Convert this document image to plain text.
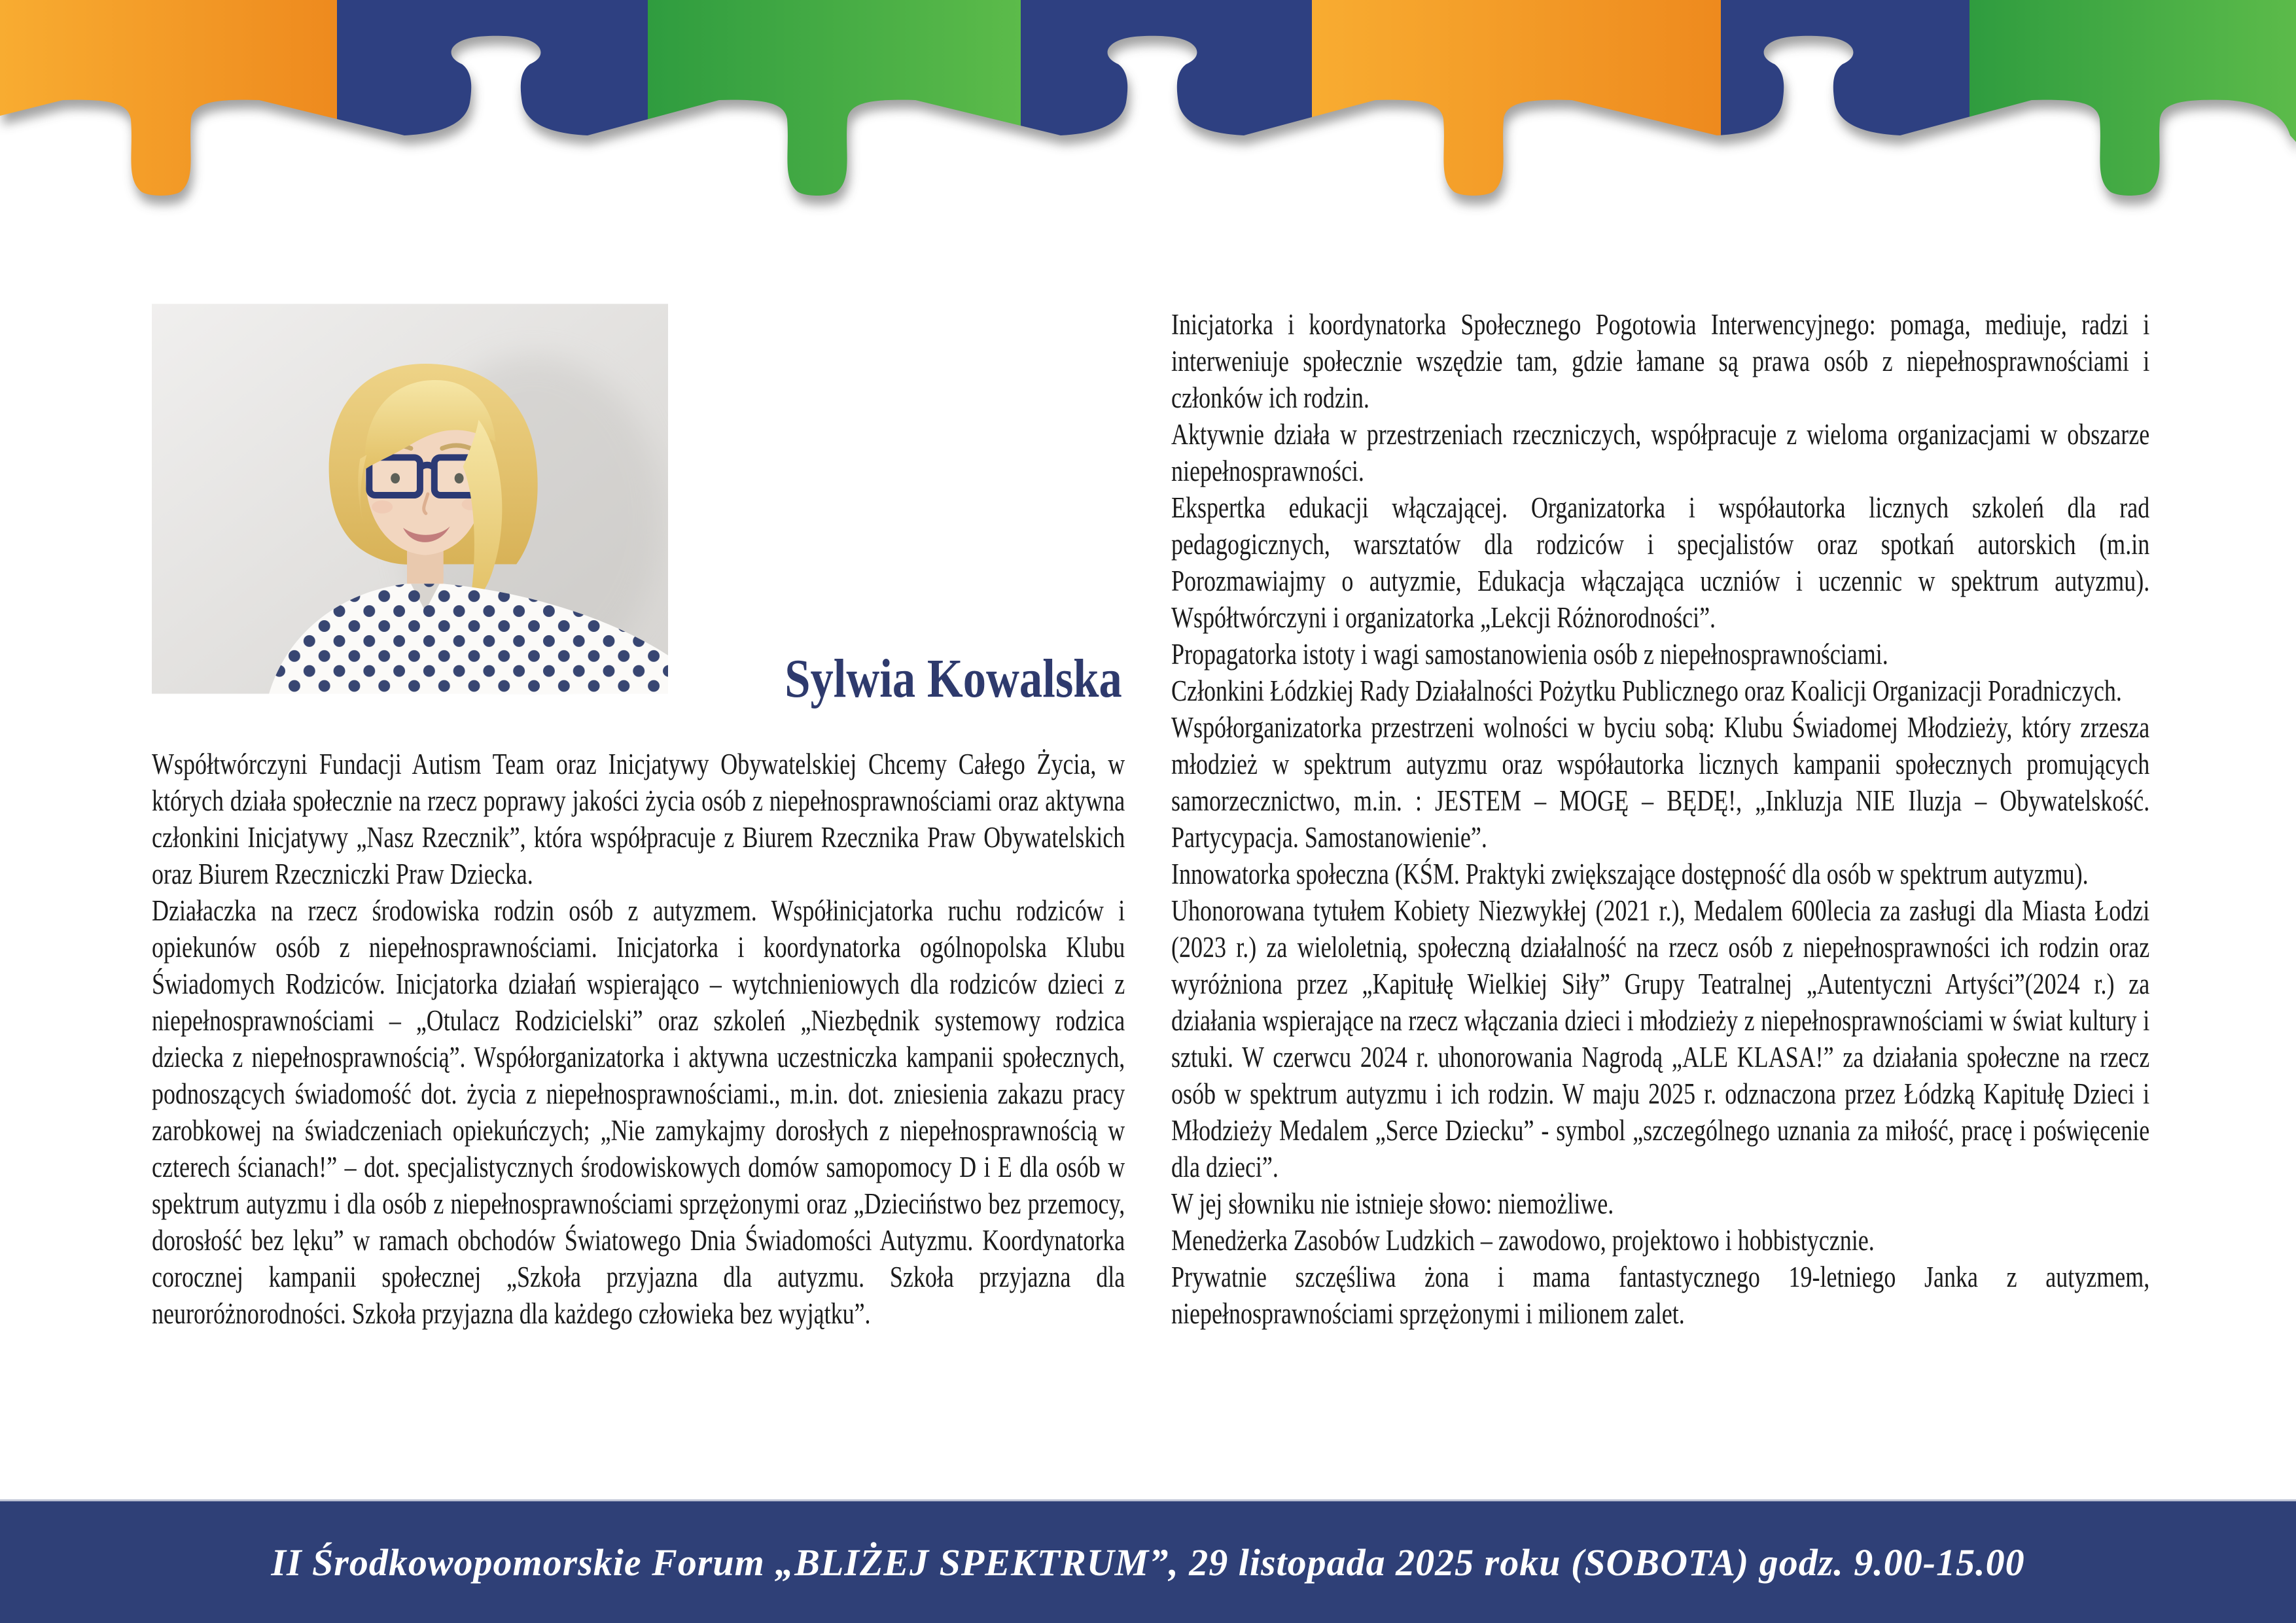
Sylwia Kowalska

Współtwórczyni Fundacji Autism Team oraz Inicjatywy Obywatelskiej Chcemy Całego Życia, w których działa społecznie na rzecz poprawy jakości życia osób z niepełnosprawnościami oraz aktywna członkini Inicjatywy „Nasz Rzecznik”, która współpracuje z Biurem Rzecznika Praw Obywatelskich oraz Biurem Rzeczniczki Praw Dziecka.

Działaczka na rzecz środowiska rodzin osób z autyzmem. Współinicjatorka ruchu rodziców i opiekunów osób z niepełnosprawnościami. Inicjatorka i koordynatorka ogólnopolska Klubu Świadomych Rodziców. Inicjatorka działań wspierająco – wytchnieniowych dla rodziców dzieci z niepełnosprawnościami – „Otulacz Rodzicielski” oraz szkoleń „Niezbędnik systemowy rodzica dziecka z niepełnosprawnością”. Współorganizatorka i aktywna uczestniczka kampanii społecznych, podnoszących świadomość dot. życia z niepełnosprawnościami., m.in. dot. zniesienia zakazu pracy zarobkowej na świadczeniach opiekuńczych; „Nie zamykajmy dorosłych z niepełnosprawnością w czterech ścianach!” – dot. specjalistycznych środowiskowych domów samopomocy D i E dla osób w spektrum autyzmu i dla osób z niepełnosprawnościami sprzężonymi oraz „Dzieciństwo bez przemocy, dorosłość bez lęku” w ramach obchodów Światowego Dnia Świadomości Autyzmu. Koordynatorka corocznej kampanii społecznej „Szkoła przyjazna dla autyzmu. Szkoła przyjazna dla neuroróżnorodności. Szkoła przyjazna dla każdego człowieka bez wyjątku”.

Inicjatorka i koordynatorka Społecznego Pogotowia Interwencyjnego: pomaga, mediuje, radzi i interweniuje społecznie wszędzie tam, gdzie łamane są prawa osób z niepełnosprawnościami i członków ich rodzin.

Aktywnie działa w przestrzeniach rzeczniczych, współpracuje z wieloma organizacjami w obszarze niepełnosprawności.

Ekspertka edukacji włączającej. Organizatorka i współautorka licznych szkoleń dla rad pedagogicznych, warsztatów dla rodziców i specjalistów oraz spotkań autorskich (m.in Porozmawiajmy o autyzmie, Edukacja włączająca uczniów i uczennic w spektrum autyzmu). Współtwórczyni i organizatorka „Lekcji Różnorodności”.

Propagatorka istoty i wagi samostanowienia osób z niepełnosprawnościami.

Członkini Łódzkiej Rady Działalności Pożytku Publicznego oraz Koalicji Organizacji Poradniczych.

Współorganizatorka przestrzeni wolności w byciu sobą: Klubu Świadomej Młodzieży, który zrzesza młodzież w spektrum autyzmu oraz współautorka licznych kampanii społecznych promujących samorzecznictwo, m.in. : JESTEM – MOGĘ – BĘDĘ!, „Inkluzja NIE Iluzja – Obywatelskość. Partycypacja. Samostanowienie”.

Innowatorka społeczna (KŚM. Praktyki zwiększające dostępność dla osób w spektrum autyzmu).

Uhonorowana tytułem Kobiety Niezwykłej (2021 r.), Medalem 600lecia za zasługi dla Miasta Łodzi (2023 r.) za wieloletnią, społeczną działalność na rzecz osób z niepełnosprawności ich rodzin oraz wyróżniona przez „Kapitułę Wielkiej Siły” Grupy Teatralnej „Autentyczni Artyści”(2024 r.) za działania wspierające na rzecz włączania dzieci i młodzieży z niepełnosprawnościami w świat kultury i sztuki. W czerwcu 2024 r. uhonorowania Nagrodą „ALE KLASA!” za działania społeczne na rzecz osób w spektrum autyzmu i ich rodzin. W maju 2025 r. odznaczona przez Łódzką Kapitułę Dzieci i Młodzieży Medalem „Serce Dziecku” - symbol „szczególnego uznania za miłość, pracę i poświęcenie dla dzieci”.

W jej słowniku nie istnieje słowo: niemożliwe.

Menedżerka Zasobów Ludzkich – zawodowo, projektowo i hobbistycznie.

Prywatnie szczęśliwa żona i mama fantastycznego 19-letniego Janka z autyzmem, niepełnosprawnościami sprzężonymi i milionem zalet.

II Środkowopomorskie Forum „BLIŻEJ SPEKTRUM”, 29 listopada 2025 roku (SOBOTA) godz. 9.00-15.00
